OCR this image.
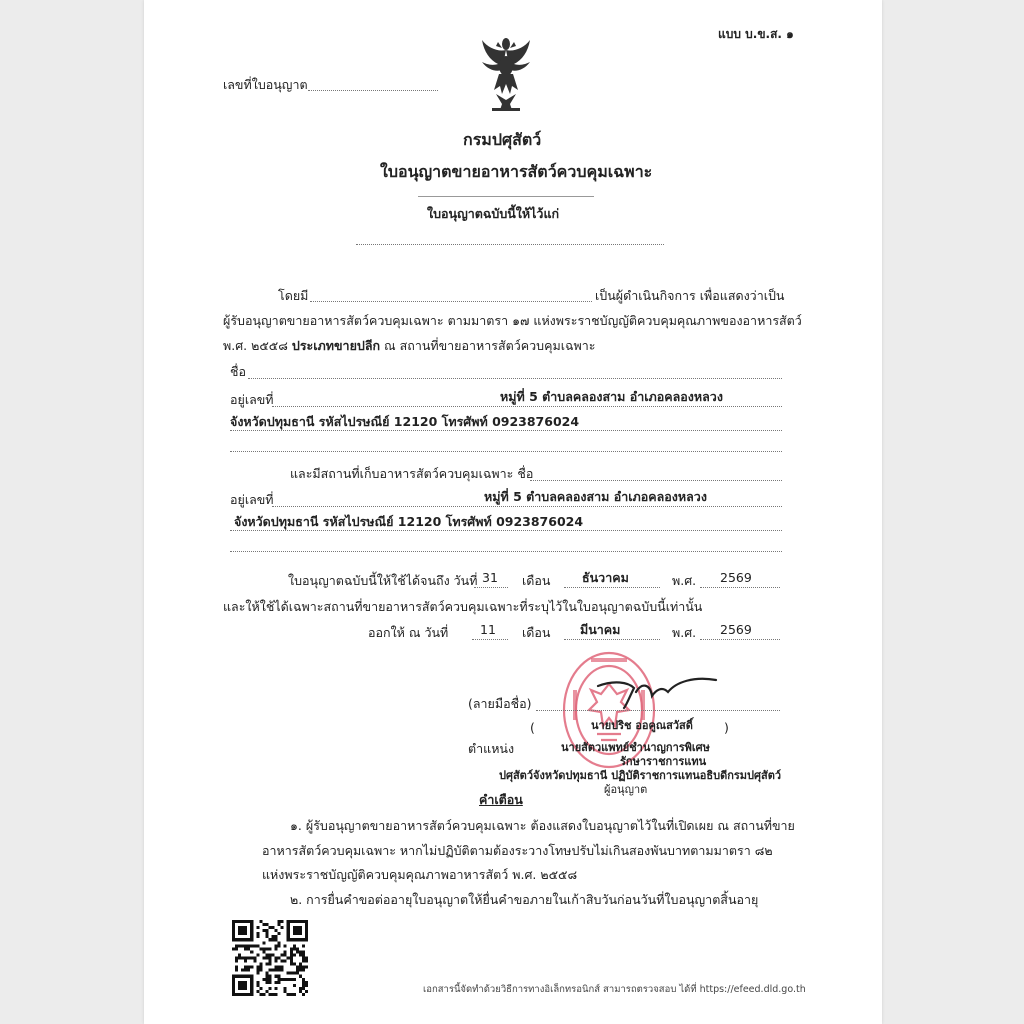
แบบ บ.ข.ส. ๑
เลขที่ใบอนุญาต
กรมปศุสัตว์
ใบอนุญาตขายอาหารสัตว์ควบคุมเฉพาะ
ใบอนุญาตฉบับนี้ให้ไว้แก่
โดยมี	เป็นผู้ดำเนินกิจการ เพื่อแสดงว่าเป็น
ผู้รับอนุญาตขายอาหารสัตว์ควบคุมเฉพาะ ตามมาตรา ๑๗ แห่งพระราชบัญญัติควบคุมคุณภาพของอาหารสัตว์
พ.ศ. ๒๕๕๘ ประเภทขายปลีก ณ สถานที่ขายอาหารสัตว์ควบคุมเฉพาะ
ชื่อ
อยู่เลขที่	หมู่ที่ 5 ตำบลคลองสาม อำเภอคลองหลวง
จังหวัดปทุมธานี รหัสไปรษณีย์ 12120 โทรศัพท์ 0923876024
และมีสถานที่เก็บอาหารสัตว์ควบคุมเฉพาะ ชื่อ
อยู่เลขที่	หมู่ที่ 5 ตำบลคลองสาม อำเภอคลองหลวง
จังหวัดปทุมธานี รหัสไปรษณีย์ 12120 โทรศัพท์ 0923876024
ใบอนุญาตฉบับนี้ให้ใช้ได้จนถึง วันที่ 31 เดือน	ธันวาคม	พ.ศ. 2569
และให้ใช้ได้เฉพาะสถานที่ขายอาหารสัตว์ควบคุมเฉพาะที่ระบุไว้ในใบอนุญาตฉบับนี้เท่านั้น
ออกให้ ณ วันที่	11 เดือน มีนาคม	พ.ศ. 2569
(ลายมือชื่อ)
(	)
นายปริช ออคูณสวัสดิ์
ตำแหน่ง	นายสัตวแพทย์ชำนาญการพิเศษ
รักษาราชการแทน
ปศุสัตว์จังหวัดปทุมธานี ปฏิบัติราชการแทนอธิบดีกรมปศุสัตว์
ผู้อนุญาต
คำเตือน
๑. ผู้รับอนุญาตขายอาหารสัตว์ควบคุมเฉพาะ ต้องแสดงใบอนุญาตไว้ในที่เปิดเผย ณ สถานที่ขาย
อาหารสัตว์ควบคุมเฉพาะ หากไม่ปฏิบัติตามต้องระวางโทษปรับไม่เกินสองพันบาทตามมาตรา ๘๒
แห่งพระราชบัญญัติควบคุมคุณภาพอาหารสัตว์ พ.ศ. ๒๕๕๘
๒. การยื่นคำขอต่ออายุใบอนุญาตให้ยื่นคำขอภายในเก้าสิบวันก่อนวันที่ใบอนุญาตสิ้นอายุ
เอกสารนี้จัดทำด้วยวิธีการทางอิเล็กทรอนิกส์ สามารถตรวจสอบ ได้ที่ https://efeed.dld.go.th
